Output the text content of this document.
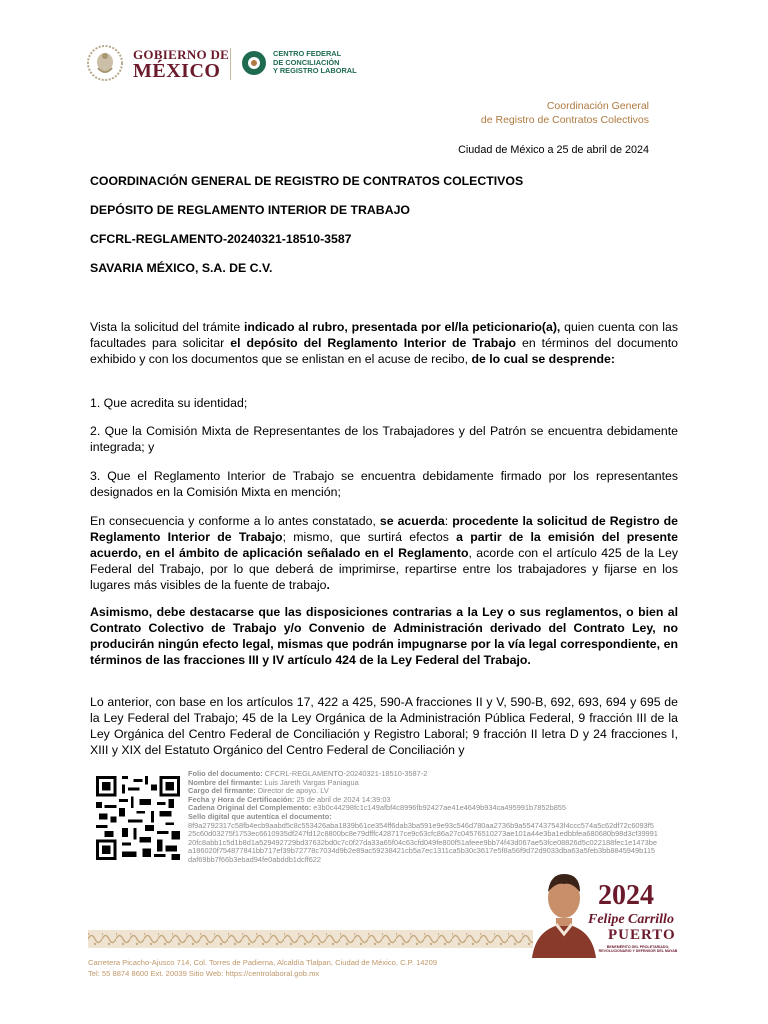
GOBIERNO DE
MÉXICO
CENTRO FEDERAL
DE CONCILIACIÓN
Y REGISTRO LABORAL
Coordinación General
de Registro de Contratos Colectivos
Ciudad de México a 25 de abril de 2024
COORDINACIÓN GENERAL DE REGISTRO DE CONTRATOS COLECTIVOS
DEPÓSITO DE REGLAMENTO INTERIOR DE TRABAJO
CFCRL-REGLAMENTO-20240321-18510-3587
SAVARIA MÉXICO, S.A. DE C.V.
Vista la solicitud del trámite indicado al rubro, presentada por el/la peticionario(a), quien cuenta con las facultades para solicitar el depósito del Reglamento Interior de Trabajo en términos del documento exhibido y con los documentos que se enlistan en el acuse de recibo, de lo cual se desprende:
1. Que acredita su identidad;
2. Que la Comisión Mixta de Representantes de los Trabajadores y del Patrón se encuentra debidamente integrada; y
3. Que el Reglamento Interior de Trabajo se encuentra debidamente firmado por los representantes designados en la Comisión Mixta en mención;
En consecuencia y conforme a lo antes constatado, se acuerda: procedente la solicitud de Registro de Reglamento Interior de Trabajo; mismo, que surtirá efectos a partir de la emisión del presente acuerdo, en el ámbito de aplicación señalado en el Reglamento, acorde con el artículo 425 de la Ley Federal del Trabajo, por lo que deberá de imprimirse, repartirse entre los trabajadores y fijarse en los lugares más visibles de la fuente de trabajo.
Asimismo, debe destacarse que las disposiciones contrarias a la Ley o sus reglamentos, o bien al Contrato Colectivo de Trabajo y/o Convenio de Administración derivado del Contrato Ley, no producirán ningún efecto legal, mismas que podrán impugnarse por la vía legal correspondiente, en términos de las fracciones III y IV artículo 424 de la Ley Federal del Trabajo.
Lo anterior, con base en los artículos 17, 422 a 425, 590-A fracciones II y V, 590-B, 692, 693, 694 y 695 de la Ley Federal del Trabajo; 45 de la Ley Orgánica de la Administración Pública Federal, 9 fracción III de la Ley Orgánica del Centro Federal de Conciliación y Registro Laboral; 9 fracción II letra D y 24 fracciones I, XIII y XIX del Estatuto Orgánico del Centro Federal de Conciliación y
Folio del documento: CFCRL-REGLAMENTO-20240321-18510-3587-2
Nombre del firmante: Luis Jareth Vargas Paniagua
Cargo del firmante: Director de apoyo. LV
Fecha y Hora de Certificación: 25 de abril de 2024 14:39:03
Cadena Original del Complemento: e3b0c44298fc1c149afbf4c8996fb92427ae41e4649b934ca495991b7852b855
Sello digital que autentica el documento:
8f9a2792317c58fb4ecb9aabd5c8c553426aba1839b61ce354ff6dab3ba591e9e93c546d780aa2736b9a5547437543f4ccc574a5c62df72c6093f525c60d03275f1753ec6610935df247fd12c8800bc8e79dfffc428717ce9c63cfc86a27c04576510273ae101a44e3ba1edbbfea680680b98d3cf3999120fc8abb1c5d1b8d1a529492729bd37632bd0c7c0f27da33a65f04c63cfd049fe800f51afeee9bb74f43d067ae53fce08826d5c022188fec1e1473bea186020f754877841bb717ef39b72778c7034d9b2e89ac59238421cb5a7ec1311ca5b30c3617e5f8a56f9d72d9033dba63a5feb3bb8845949b115daf69bb7f66b3ebad94fe0abddb1dcff622
Carretera Picacho-Ajusco 714, Col. Torres de Padierna, Alcaldía Tlalpan, Ciudad de México, C.P. 14209
Tel: 55 8874 8600 Ext. 20039 Sitio Web: https://centrolaboral.gob.mx
2024
Felipe Carrillo
PUERTO
BENEMÉRITO DEL PROLETARIADO, REVOLUCIONARIO Y DEFENSOR DEL MAYAB
